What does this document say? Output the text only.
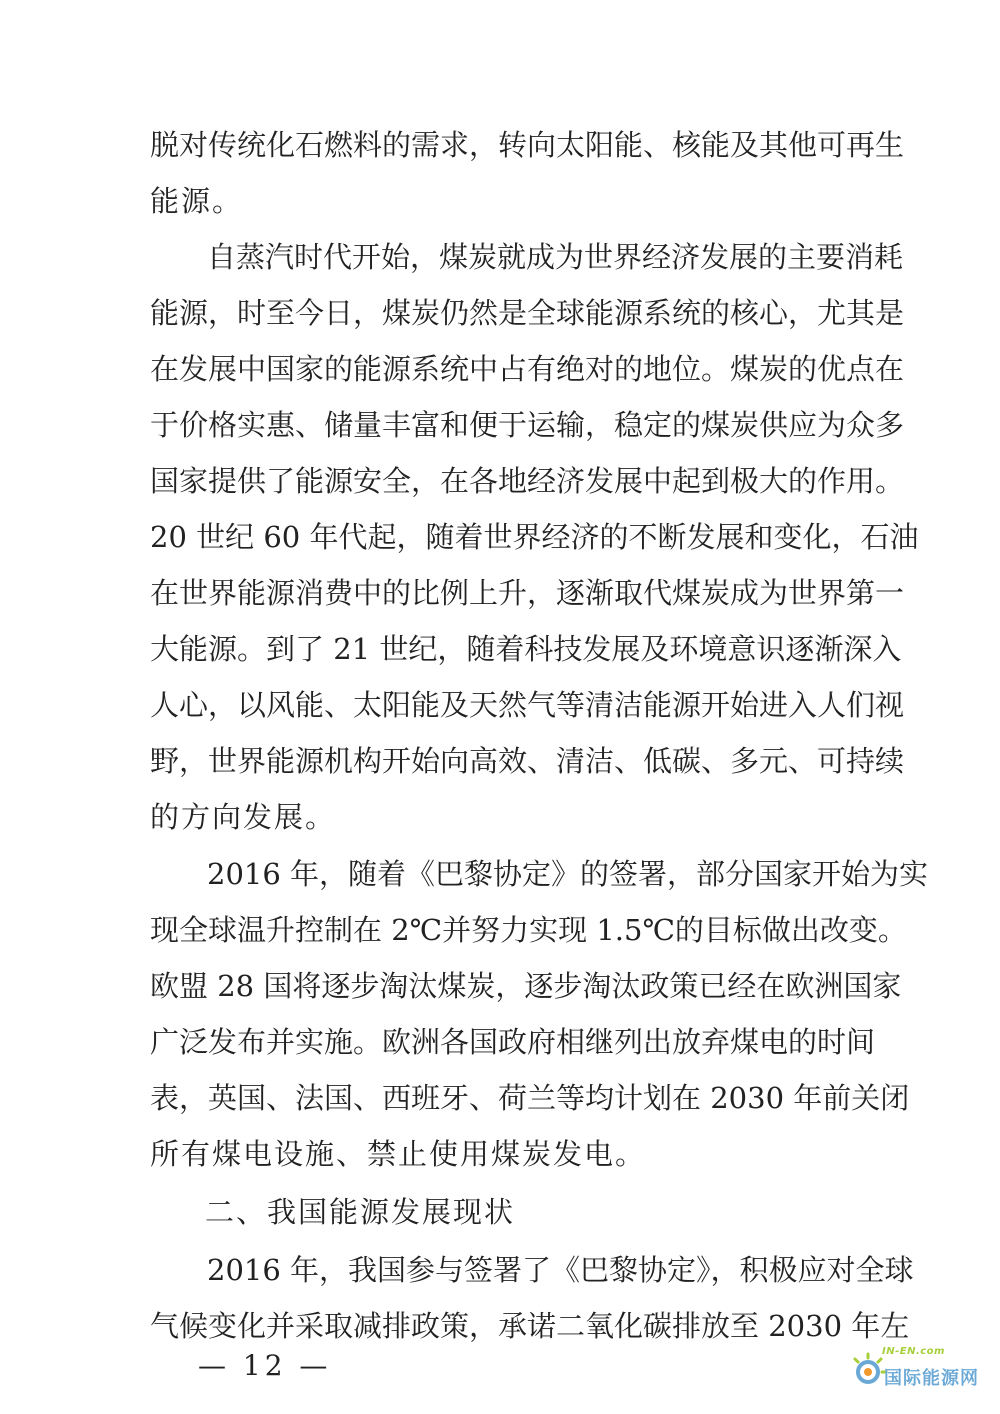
脱对传统化石燃料的需求，转向太阳能、核能及其他可再生
能源。
自蒸汽时代开始，煤炭就成为世界经济发展的主要消耗
能源，时至今日，煤炭仍然是全球能源系统的核心，尤其是
在发展中国家的能源系统中占有绝对的地位。煤炭的优点在
于价格实惠、储量丰富和便于运输，稳定的煤炭供应为众多
国家提供了能源安全，在各地经济发展中起到极大的作用。
20 世纪 60 年代起，随着世界经济的不断发展和变化，石油
在世界能源消费中的比例上升，逐渐取代煤炭成为世界第一
大能源。到了 21 世纪，随着科技发展及环境意识逐渐深入
人心，以风能、太阳能及天然气等清洁能源开始进入人们视
野，世界能源机构开始向高效、清洁、低碳、多元、可持续
的方向发展。
2016 年，随着《巴黎协定》的签署，部分国家开始为实
现全球温升控制在 2℃并努力实现 1.5℃的目标做出改变。
欧盟 28 国将逐步淘汰煤炭，逐步淘汰政策已经在欧洲国家
广泛发布并实施。欧洲各国政府相继列出放弃煤电的时间
表，英国、法国、西班牙、荷兰等均计划在 2030 年前关闭
所有煤电设施、禁止使用煤炭发电。
二、我国能源发展现状
2016 年，我国参与签署了《巴黎协定》，积极应对全球
气候变化并采取减排政策，承诺二氧化碳排放至 2030 年左
— 12 —	IN-EN.com
国际能源网
